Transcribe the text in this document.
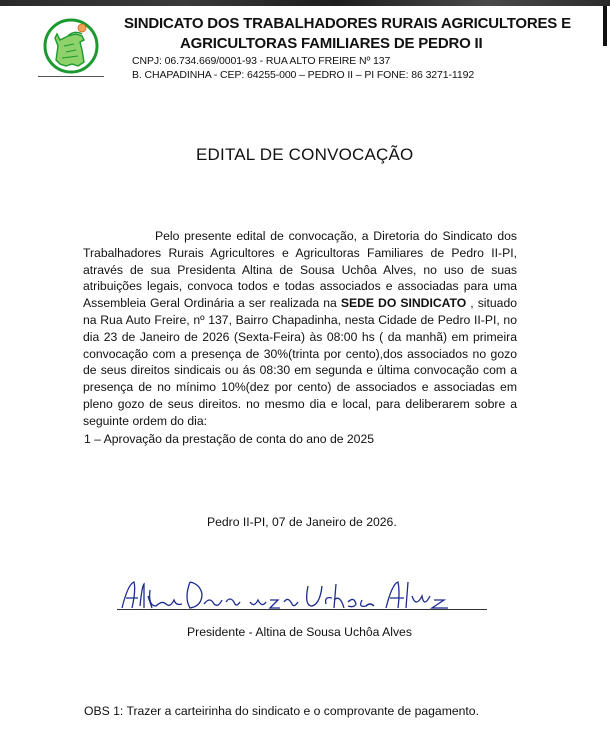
SINDICATO DOS TRABALHADORES RURAIS AGRICULTORES E
AGRICULTORAS FAMILIARES DE PEDRO II
CNPJ: 06.734.669/0001-93 - RUA ALTO FREIRE Nº 137
B. CHAPADINHA - CEP: 64255-000 – PEDRO II – PI FONE: 86 3271-1192
EDITAL DE CONVOCAÇÃO
Pelo presente edital de convocação, a Diretoria do Sindicato dos Trabalhadores Rurais Agricultores e Agricultoras Familiares de Pedro II-PI, através de sua Presidenta Altina de Sousa Uchôa Alves, no uso de suas atribuições legais, convoca todos e todas associados e associadas para uma Assembleia Geral Ordinária a ser realizada na SEDE DO SINDICATO , situado na Rua Auto Freire, nº 137, Bairro Chapadinha, nesta Cidade de Pedro II-PI, no dia 23 de Janeiro de 2026 (Sexta-Feira) às 08:00 hs ( da manhã) em primeira convocação com a presença de 30%(trinta por cento),dos associados no gozo de seus direitos sindicais ou ás 08:30 em segunda e última convocação com a presença de no mínimo 10%(dez por cento) de associados e associadas em pleno gozo de seus direitos. no mesmo dia e local, para deliberarem sobre a seguinte ordem do dia:
1 – Aprovação da prestação de conta do ano de 2025
Pedro II-PI, 07 de Janeiro de 2026.
Presidente - Altina de Sousa Uchôa Alves
OBS 1: Trazer a carteirinha do sindicato e o comprovante de pagamento.
